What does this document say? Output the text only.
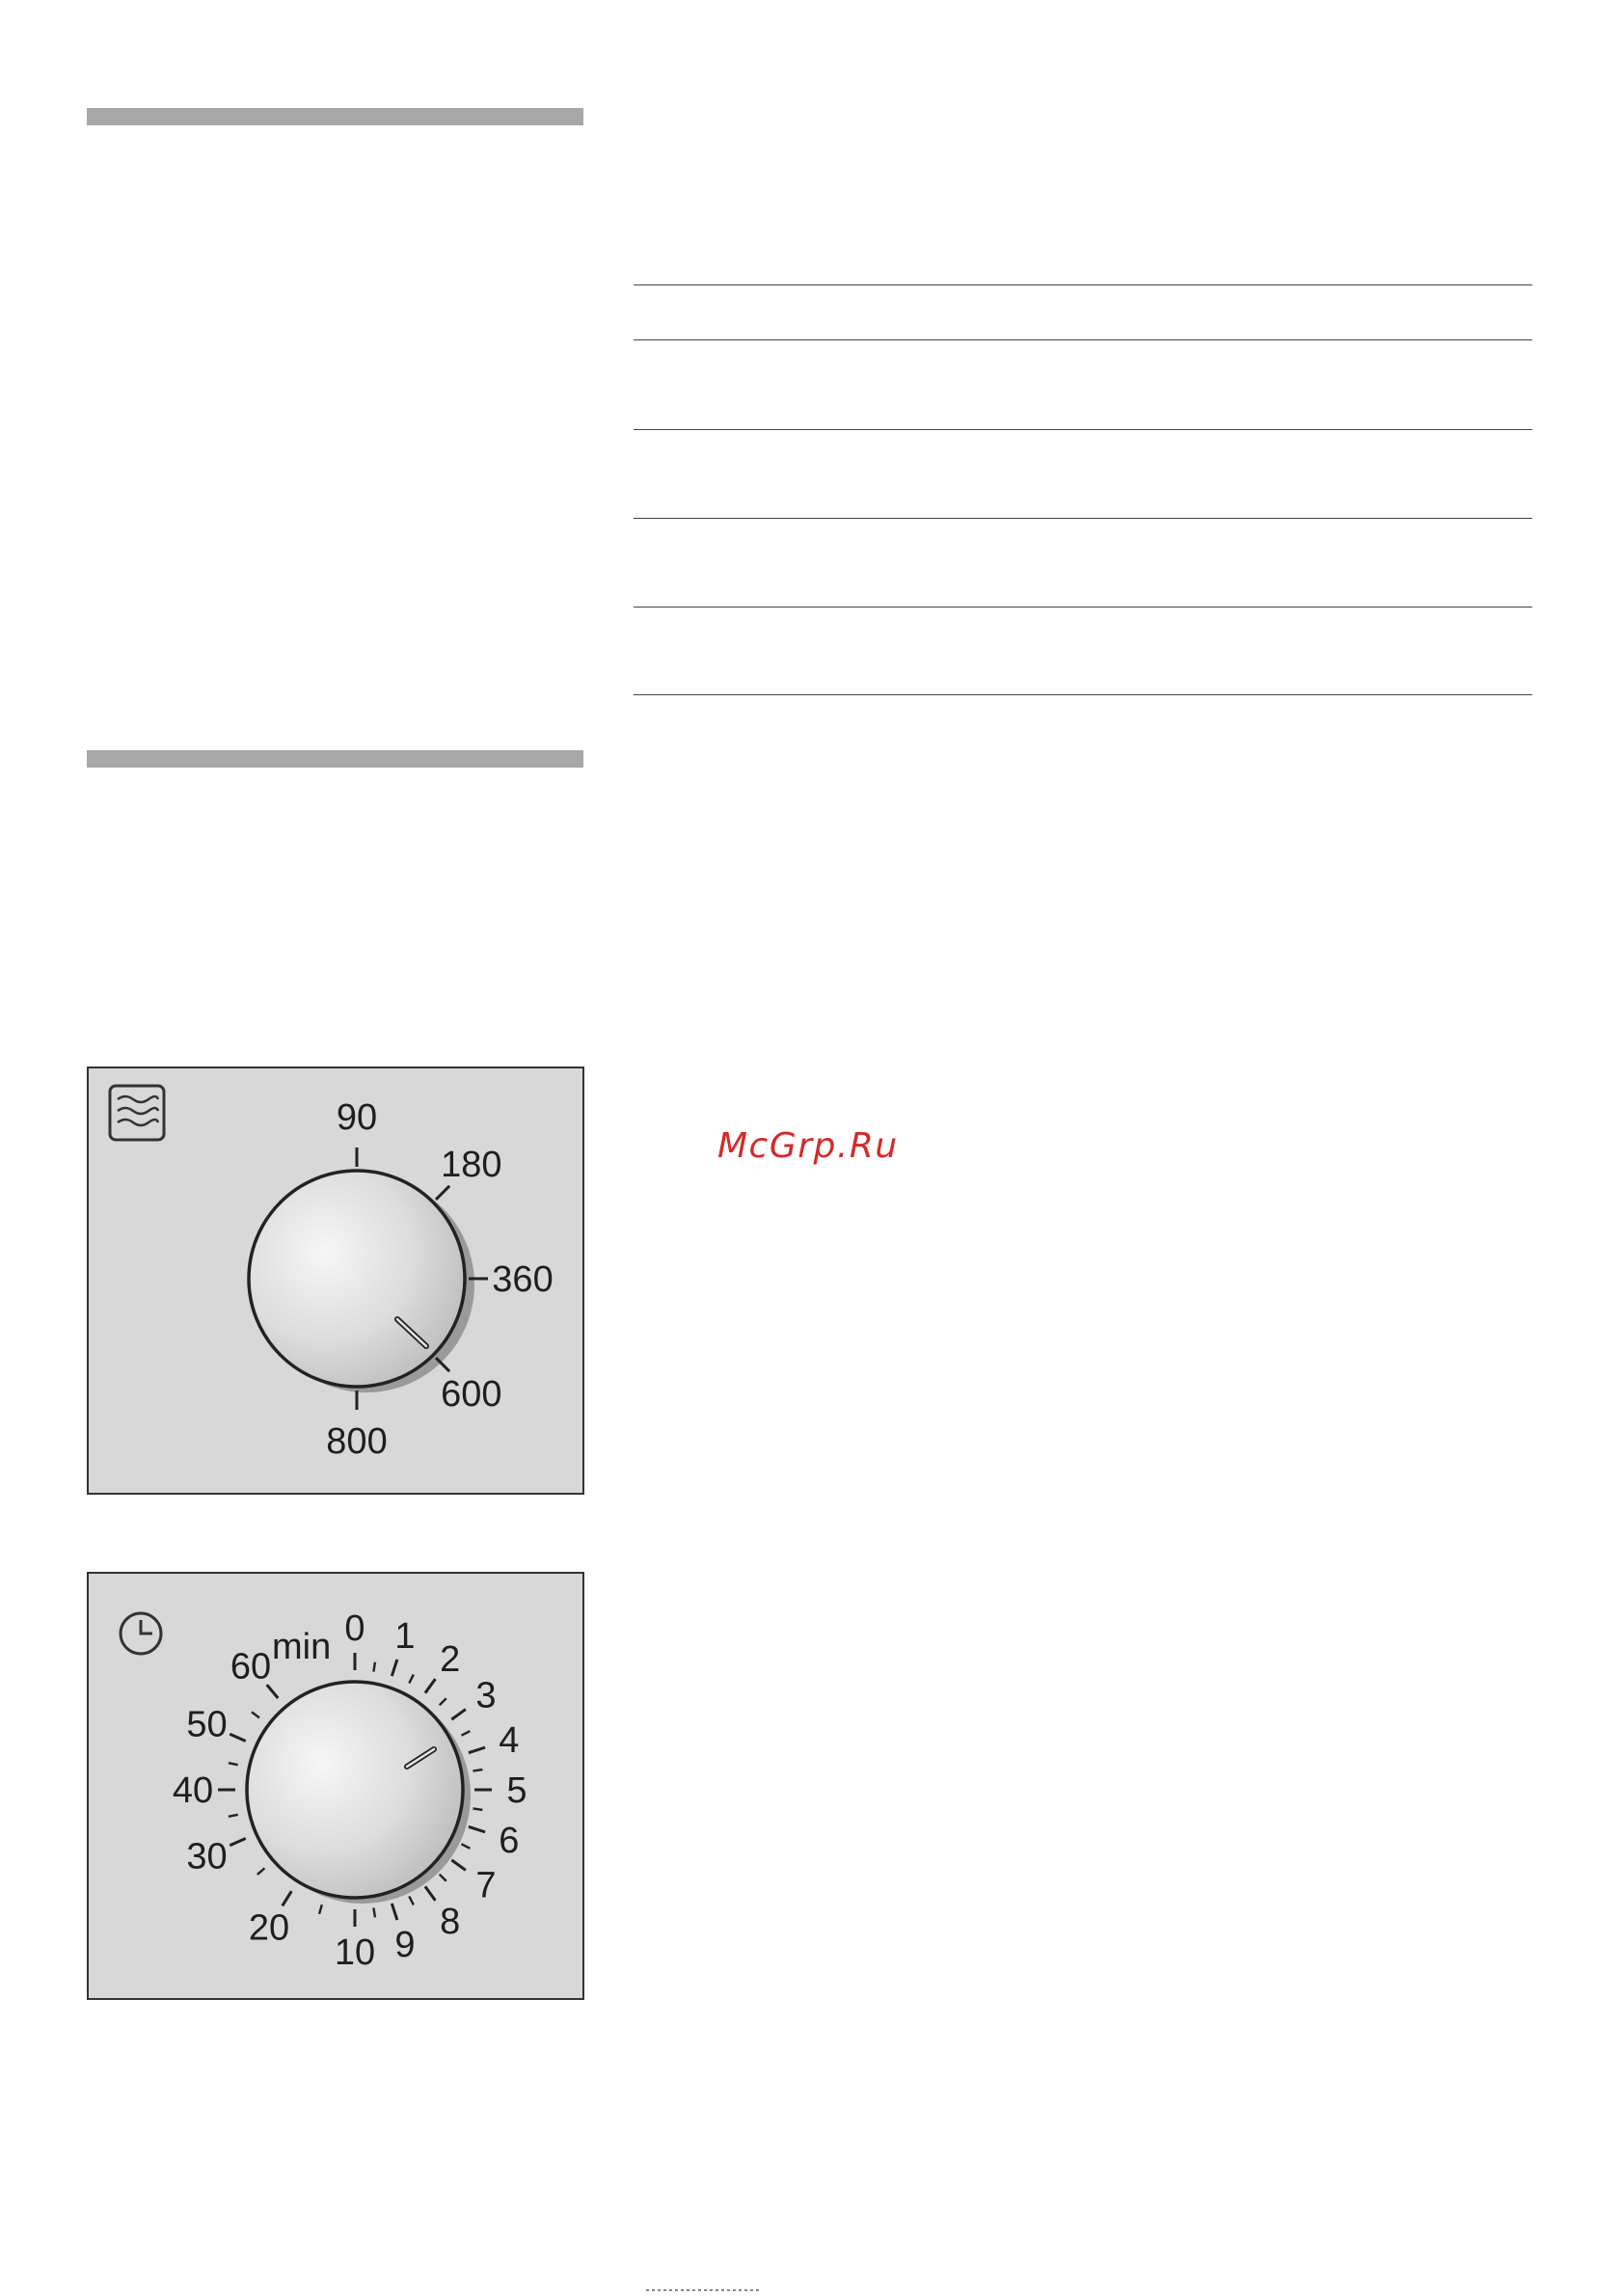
McGrp.Ru
90
180
360
600
800
min 0 1
2
3
4
5
6
7
8
9
10
20
30
40
50
60
